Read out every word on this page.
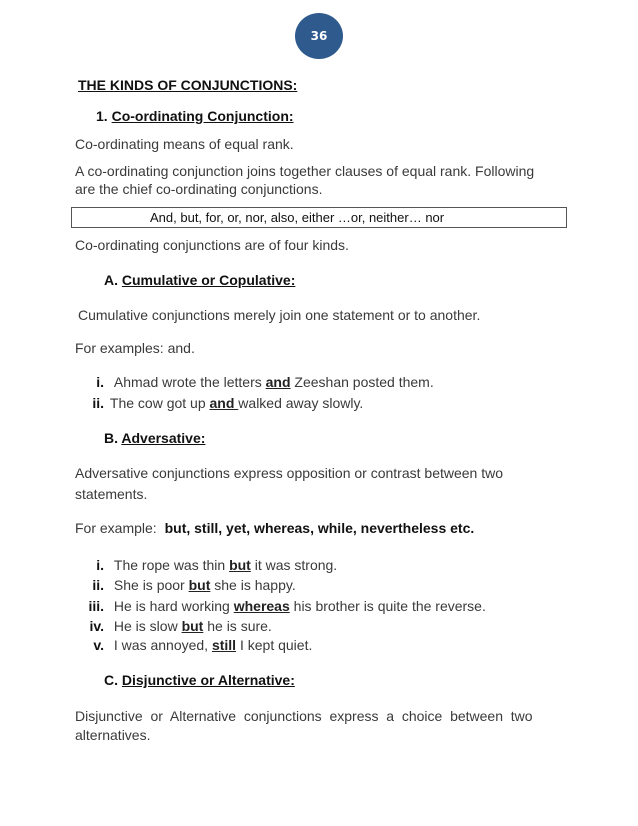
36
THE KINDS OF CONJUNCTIONS:
1. Co-ordinating Conjunction:
Co-ordinating means of equal rank.
A co-ordinating conjunction joins together clauses of equal rank. Following
are the chief co-ordinating conjunctions.
And, but, for, or, nor, also, either …or, neither… nor
Co-ordinating conjunctions are of four kinds.
A. Cumulative or Copulative:
Cumulative conjunctions merely join one statement or to another.
For examples: and.
i. Ahmad wrote the letters and Zeeshan posted them.
ii. The cow got up and walked away slowly.
B. Adversative:
Adversative conjunctions express opposition or contrast between two
statements.
For example: but, still, yet, whereas, while, nevertheless etc.
i. The rope was thin but it was strong.
ii. She is poor but she is happy.
iii. He is hard working whereas his brother is quite the reverse.
iv. He is slow but he is sure.
v. I was annoyed, still I kept quiet.
C. Disjunctive or Alternative:
Disjunctive  or  Alternative  conjunctions  express  a  choice  between  two
alternatives.
